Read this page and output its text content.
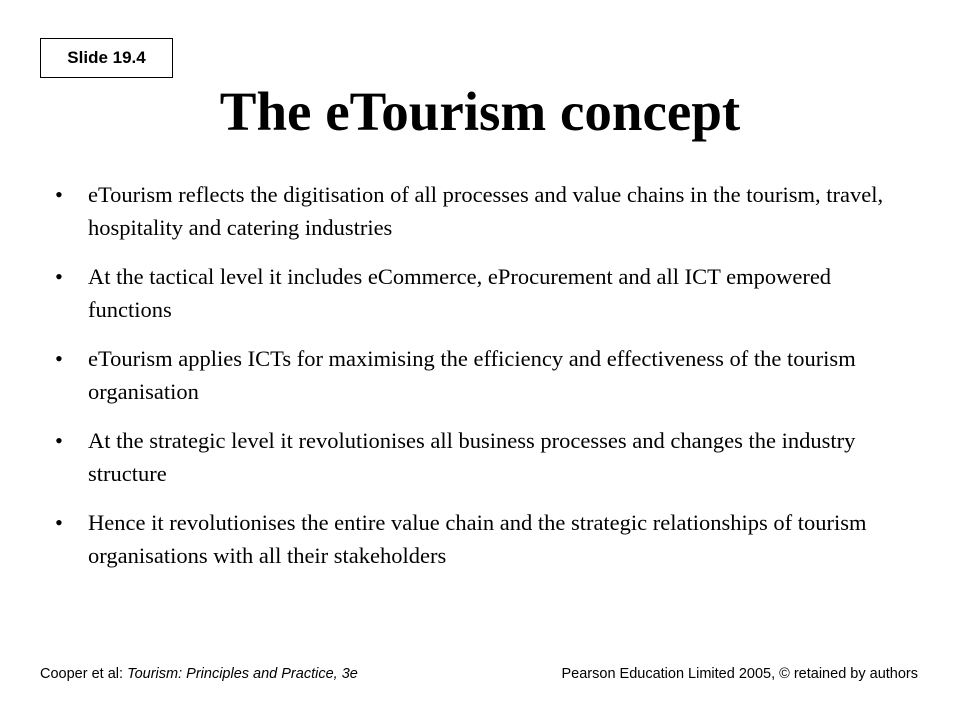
Slide 19.4
The eTourism concept
• eTourism reflects the digitisation of all processes and value chains in the tourism, travel, hospitality and catering industries
• At the tactical level it includes eCommerce, eProcurement and all ICT empowered functions
• eTourism applies ICTs for maximising the efficiency and effectiveness of the tourism organisation
• At the strategic level it revolutionises all business processes and changes the industry structure
• Hence it revolutionises the entire value chain and the strategic relationships of tourism organisations with all their stakeholders
Cooper et al: Tourism: Principles and Practice, 3e	Pearson Education Limited 2005, © retained by authors
